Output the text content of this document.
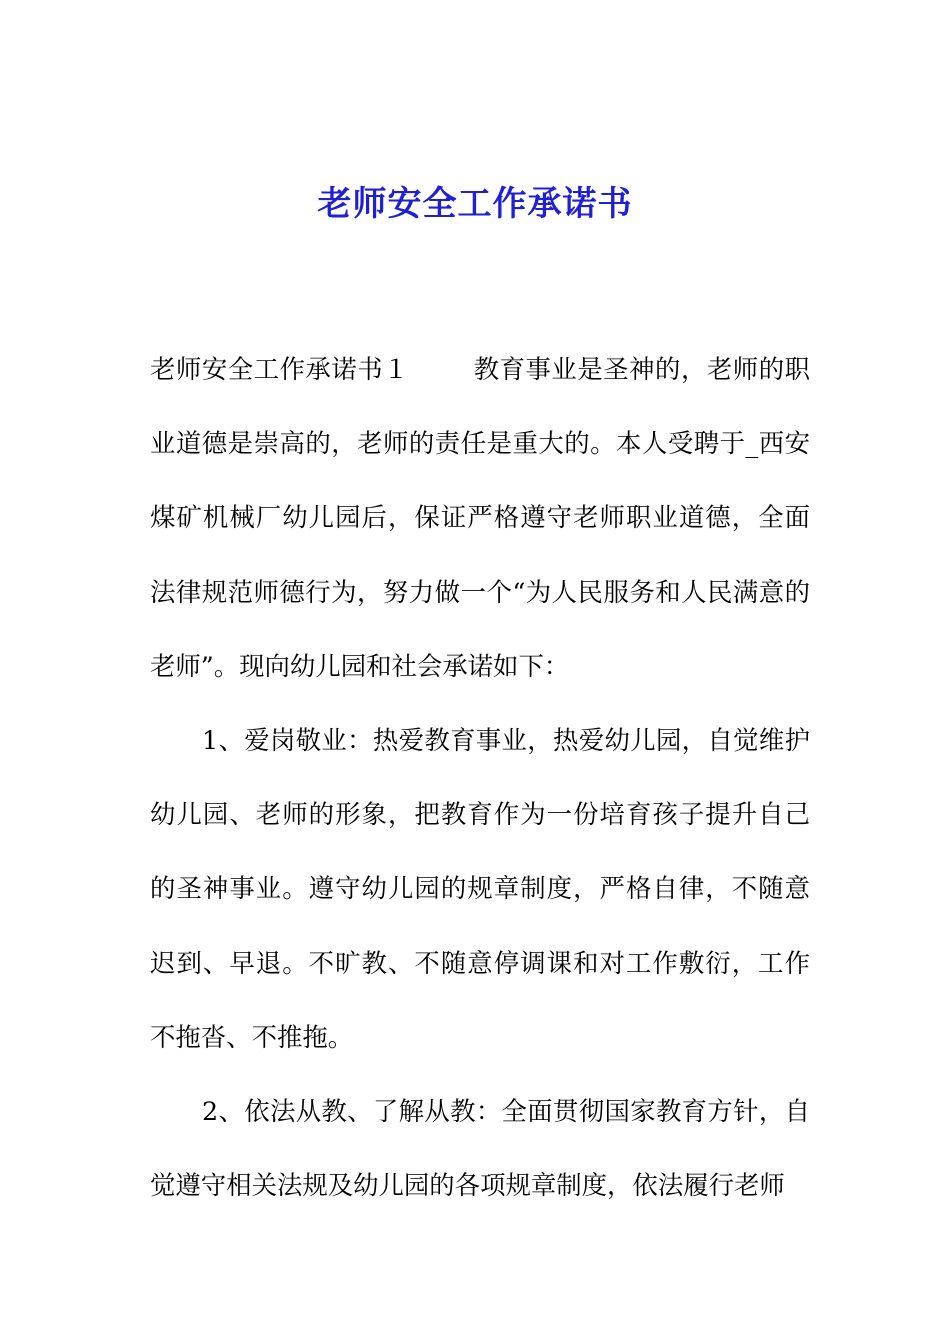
老师安全工作承诺书

老师安全工作承诺书１	教育事业是圣神的，老师的职业道德是崇高的，老师的责任是重大的。本人受聘于_西安煤矿机械厂幼儿园后，保证严格遵守老师职业道德，全面法律规范师德行为，努力做一个“为人民服务和人民满意的老师”。现向幼儿园和社会承诺如下：

1、爱岗敬业：热爱教育事业，热爱幼儿园，自觉维护幼儿园、老师的形象，把教育作为一份培育孩子提升自己的圣神事业。遵守幼儿园的规章制度，严格自律，不随意迟到、早退。不旷教、不随意停调课和对工作敷衍，工作不拖沓、不推拖。

2、依法从教、了解从教：全面贯彻国家教育方针，自觉遵守相关法规及幼儿园的各项规章制度，依法履行老师
